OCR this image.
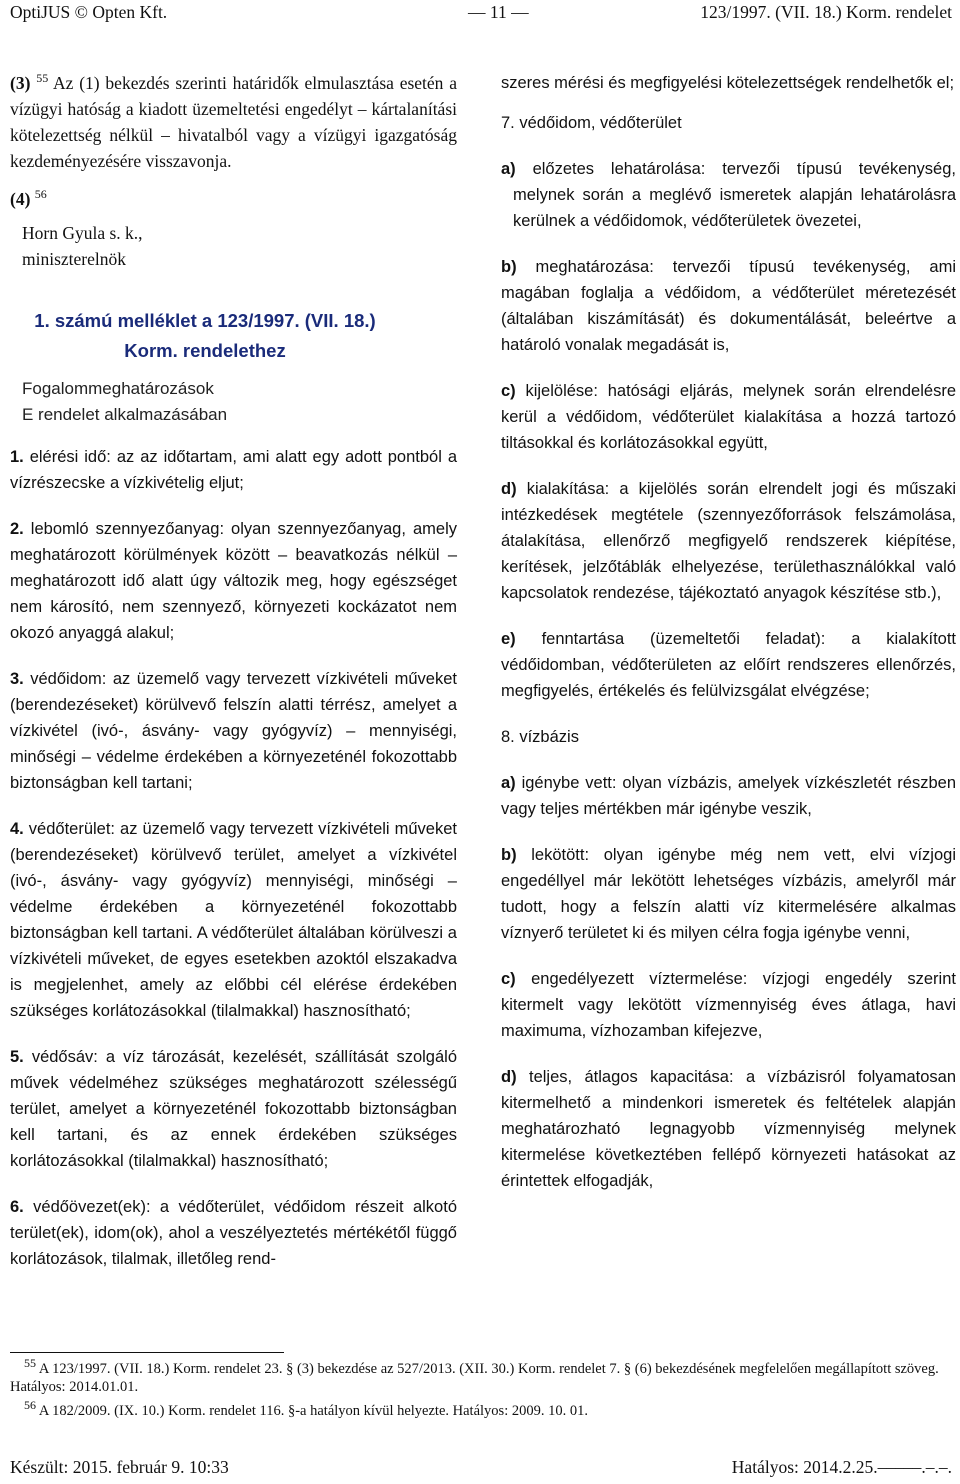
OptiJUS © Opten Kft.	— 11 —	123/1997. (VII. 18.) Korm. rendelet

(3) $^{55}$ Az (1) bekezdés szerinti határidők elmulasztása esetén a vízügyi hatóság a kiadott üzemeltetési engedélyt – kártalanítási kötelezettség nélkül – hivatalból vagy a vízügyi igazgatóság kezdeményezésére visszavonja.

(4) $^{56}$

Horn Gyula s. k.,

miniszterelnök

1. számú melléklet a 123/1997. (VII. 18.) Korm. rendelethez

Fogalommeghatározások

E rendelet alkalmazásában

1. elérési idő: az az időtartam, ami alatt egy adott pontból a vízrészecske a vízkivételig eljut;

2. lebomló szennyezőanyag: olyan szennyezőanyag, amely meghatározott körülmények között – beavatkozás nélkül – meghatározott idő alatt úgy változik meg, hogy egészséget nem károsító, nem szennyező, környezeti kockázatot nem okozó anyaggá alakul;

3. védőidom: az üzemelő vagy tervezett vízkivételi műveket (berendezéseket) körülvevő felszín alatti térrész, amelyet a vízkivétel (ivó-, ásvány- vagy gyógyvíz) – mennyiségi, minőségi – védelme érdekében a környezeténél fokozottabb biztonságban kell tartani;

4. védőterület: az üzemelő vagy tervezett vízkivételi műveket (berendezéseket) körülvevő terület, amelyet a vízkivétel (ivó-, ásvány- vagy gyógyvíz) mennyiségi, minőségi – védelme érdekében a környezeténél fokozottabb biztonságban kell tartani. A védőterület általában körülveszi a vízkivételi műveket, de egyes esetekben azoktól elszakadva is megjelenhet, amely az előbbi cél elérése érdekében szükséges korlátozásokkal (tilalmakkal) hasznosítható;

5. védősáv: a víz tározását, kezelését, szállítását szolgáló művek védelméhez szükséges meghatározott szélességű terület, amelyet a környezeténél fokozottabb biztonságban kell tartani, és az ennek érdekében szükséges korlátozásokkal (tilalmakkal) hasznosítható;

6. védőövezet(ek): a védőterület, védőidom részeit alkotó terület(ek), idom(ok), ahol a veszélyeztetés mértékétől függő korlátozások, tilalmak, illetőleg rend-

szeres mérési és megfigyelési kötelezettségek rendelhetők el;

7. védőidom, védőterület

a) előzetes lehatárolása: tervezői típusú tevékenység, melynek során a meglévő ismeretek alapján lehatárolásra kerülnek a védőidomok, védőterületek övezetei,

b) meghatározása: tervezői típusú tevékenység, ami magában foglalja a védőidom, a védőterület méretezését (általában kiszámítását) és dokumentálását, beleértve a határoló vonalak megadását is,

c) kijelölése: hatósági eljárás, melynek során elrendelésre kerül a védőidom, védőterület kialakítása a hozzá tartozó tiltásokkal és korlátozásokkal együtt,

d) kialakítása: a kijelölés során elrendelt jogi és műszaki intézkedések megtétele (szennyezőforrások felszámolása, átalakítása, ellenőrző megfigyelő rendszerek kiépítése, kerítések, jelzőtáblák elhelyezése, területhasználókkal való kapcsolatok rendezése, tájékoztató anyagok készítése stb.),

e) fenntartása (üzemeltetői feladat): a kialakított védőidomban, védőterületen az előírt rendszeres ellenőrzés, megfigyelés, értékelés és felülvizsgálat elvégzése;

8. vízbázis

a) igénybe vett: olyan vízbázis, amelyek vízkészletét részben vagy teljes mértékben már igénybe veszik,

b) lekötött: olyan igénybe még nem vett, elvi vízjogi engedéllyel már lekötött lehetséges vízbázis, amelyről már tudott, hogy a felszín alatti víz kitermelésére alkalmas víznyerő területet ki és milyen célra fogja igénybe venni,

c) engedélyezett víztermelése: vízjogi engedély szerint kitermelt vagy lekötött vízmennyiség éves átlaga, havi maximuma, vízhozamban kifejezve,

d) teljes, átlagos kapacitása: a vízbázisról folyamatosan kitermelhető a mindenkori ismeretek és feltételek alapján meghatározható legnagyobb vízmennyiség melynek kitermelése következtében fellépő környezeti hatásokat az érintettek elfogadják,

$^{55}$ A 123/1997. (VII. 18.) Korm. rendelet 23. § (3) bekezdése az 527/2013. (XII. 30.) Korm. rendelet 7. § (6) bekezdésének megfelelően megállapított szöveg. Hatályos: 2014.01.01.
$^{56}$ A 182/2009. (IX. 10.) Korm. rendelet 116. §-a hatályon kívül helyezte. Hatályos: 2009. 10. 01.
Készült: 2015. február 9. 10:33	Hatályos: 2014.2.25.–––––.–.–.
